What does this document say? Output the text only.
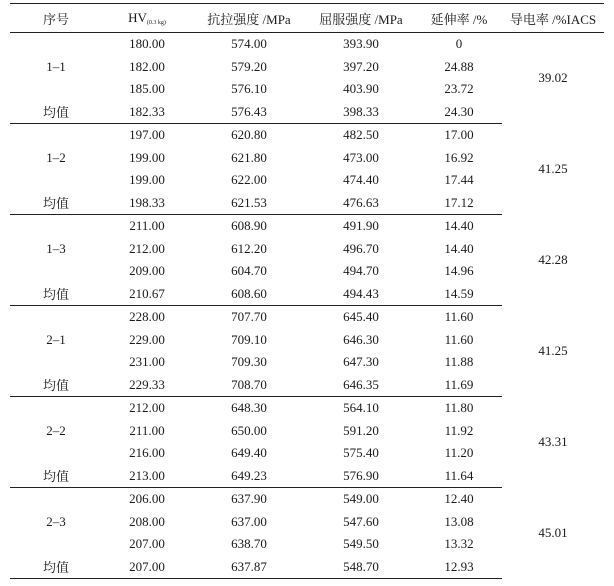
序号	$HV_{(0.3 kg)}$	抗拉强度 /MPa	屈服强度 /MPa	延伸率 /%	导电率 /%IACS
1–1	180.00	574.00	393.90	0	39.02
	182.00	579.20	397.20	24.88	
	185.00	576.10	403.90	23.72	
均值	182.33	576.43	398.33	24.30	
1–2	197.00	620.80	482.50	17.00	41.25
	199.00	621.80	473.00	16.92	
	199.00	622.00	474.40	17.44	
均值	198.33	621.53	476.63	17.12	
1–3	211.00	608.90	491.90	14.40	42.28
	212.00	612.20	496.70	14.40	
	209.00	604.70	494.70	14.96	
均值	210.67	608.60	494.43	14.59	
2–1	228.00	707.70	645.40	11.60	41.25
	229.00	709.10	646.30	11.60	
	231.00	709.30	647.30	11.88	
均值	229.33	708.70	646.35	11.69	
2–2	212.00	648.30	564.10	11.80	43.31
	211.00	650.00	591.20	11.92	
	216.00	649.40	575.40	11.20	
均值	213.00	649.23	576.90	11.64	
2–3	206.00	637.90	549.00	12.40	45.01
	208.00	637.00	547.60	13.08	
	207.00	638.70	549.50	13.32	
均值	207.00	637.87	548.70	12.93	
